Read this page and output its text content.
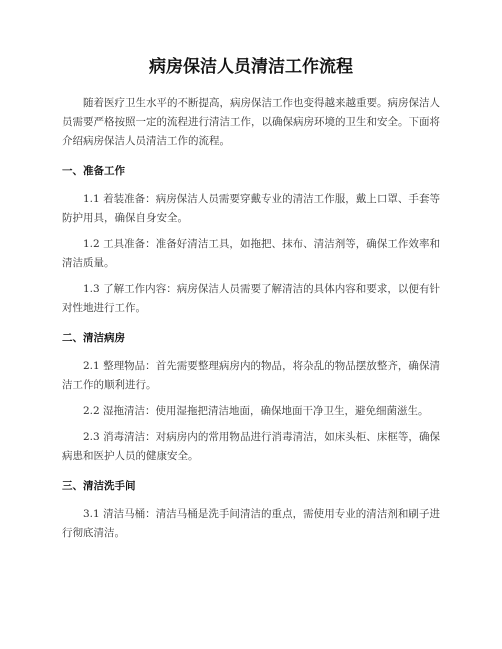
病房保洁人员清洁工作流程

随着医疗卫生水平的不断提高，病房保洁工作也变得越来越重要。病房保洁人员需要严格按照一定的流程进行清洁工作，以确保病房环境的卫生和安全。下面将介绍病房保洁人员清洁工作的流程。

一、准备工作

1.1 着装准备：病房保洁人员需要穿戴专业的清洁工作服，戴上口罩、手套等防护用具，确保自身安全。

1.2 工具准备：准备好清洁工具，如拖把、抹布、清洁剂等，确保工作效率和清洁质量。

1.3 了解工作内容：病房保洁人员需要了解清洁的具体内容和要求，以便有针对性地进行工作。

二、清洁病房

2.1 整理物品：首先需要整理病房内的物品，将杂乱的物品摆放整齐，确保清洁工作的顺利进行。

2.2 湿拖清洁：使用湿拖把清洁地面，确保地面干净卫生，避免细菌滋生。

2.3 消毒清洁：对病房内的常用物品进行消毒清洁，如床头柜、床框等，确保病患和医护人员的健康安全。

三、清洁洗手间

3.1 清洁马桶：清洁马桶是洗手间清洁的重点，需使用专业的清洁剂和刷子进行彻底清洁。
